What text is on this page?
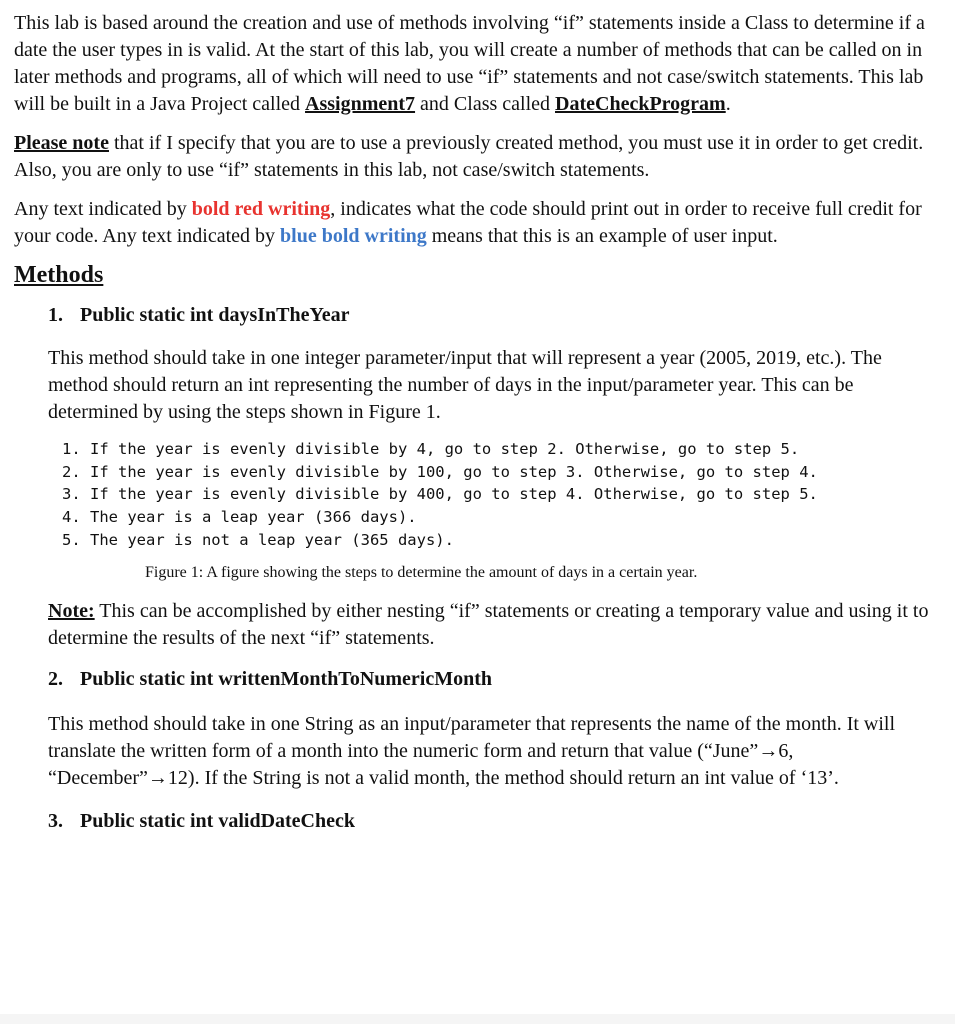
This lab is based around the creation and use of methods involving “if” statements inside a Class to determine if a date the user types in is valid. At the start of this lab, you will create a number of methods that can be called on in later methods and programs, all of which will need to use “if” statements and not case/switch statements. This lab will be built in a Java Project called Assignment7 and Class called DateCheckProgram.

Please note that if I specify that you are to use a previously created method, you must use it in order to get credit. Also, you are only to use “if” statements in this lab, not case/switch statements.

Any text indicated by bold red writing, indicates what the code should print out in order to receive full credit for your code. Any text indicated by blue bold writing means that this is an example of user input.

Methods
1. Public static int daysInTheYear

This method should take in one integer parameter/input that will represent a year (2005, 2019, etc.). The method should return an int representing the number of days in the input/parameter year. This can be determined by using the steps shown in Figure 1.

1. If the year is evenly divisible by 4, go to step 2. Otherwise, go to step 5.
2. If the year is evenly divisible by 100, go to step 3. Otherwise, go to step 4.
3. If the year is evenly divisible by 400, go to step 4. Otherwise, go to step 5.
4. The year is a leap year (366 days).
5. The year is not a leap year (365 days).

Figure 1: A figure showing the steps to determine the amount of days in a certain year.

Note: This can be accomplished by either nesting “if” statements or creating a temporary value and using it to determine the results of the next “if” statements.

2. Public static int writtenMonthToNumericMonth

This method should take in one String as an input/parameter that represents the name of the month. It will translate the written form of a month into the numeric form and return that value (“June”→6, “December”→12). If the String is not a valid month, the method should return an int value of ‘13’.

3. Public static int validDateCheck
